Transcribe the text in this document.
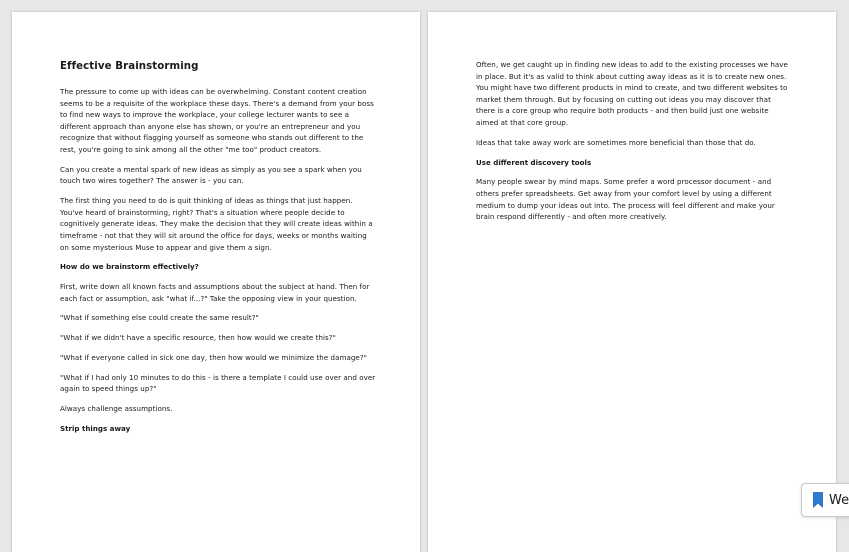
Effective Brainstorming
The pressure to come up with ideas can be overwhelming. Constant content creation seems to be a requisite of the workplace these days. There's a demand from your boss to find new ways to improve the workplace, your college lecturer wants to see a different approach than anyone else has shown, or you're an entrepreneur and you recognize that without flagging yourself as someone who stands out different to the rest, you're going to sink among all the other "me too" product creators.
Can you create a mental spark of new ideas as simply as you see a spark when you touch two wires together? The answer is - you can.
The first thing you need to do is quit thinking of ideas as things that just happen. You've heard of brainstorming, right? That's a situation where people decide to cognitively generate ideas. They make the decision that they will create ideas within a timeframe - not that they will sit around the office for days, weeks or months waiting on some mysterious Muse to appear and give them a sign.
How do we brainstorm effectively?
First, write down all known facts and assumptions about the subject at hand. Then for each fact or assumption, ask "what if...?" Take the opposing view in your question.
"What if something else could create the same result?"
"What if we didn't have a specific resource, then how would we create this?"
"What if everyone called in sick one day, then how would we minimize the damage?"
"What if I had only 10 minutes to do this - is there a template I could use over and over again to speed things up?"
Always challenge assumptions.
Strip things away
Often, we get caught up in finding new ideas to add to the existing processes we have in place. But it's as valid to think about cutting away ideas as it is to create new ones. You might have two different products in mind to create, and two different websites to market them through. But by focusing on cutting out ideas you may discover that there is a core group who require both products - and then build just one website aimed at that core group.
Ideas that take away work are sometimes more beneficial than those that do.
Use different discovery tools
Many people swear by mind maps. Some prefer a word processor document - and others prefer spreadsheets. Get away from your comfort level by using a different medium to dump your ideas out into. The process will feel different and make your brain respond differently - and often more creatively.
We
